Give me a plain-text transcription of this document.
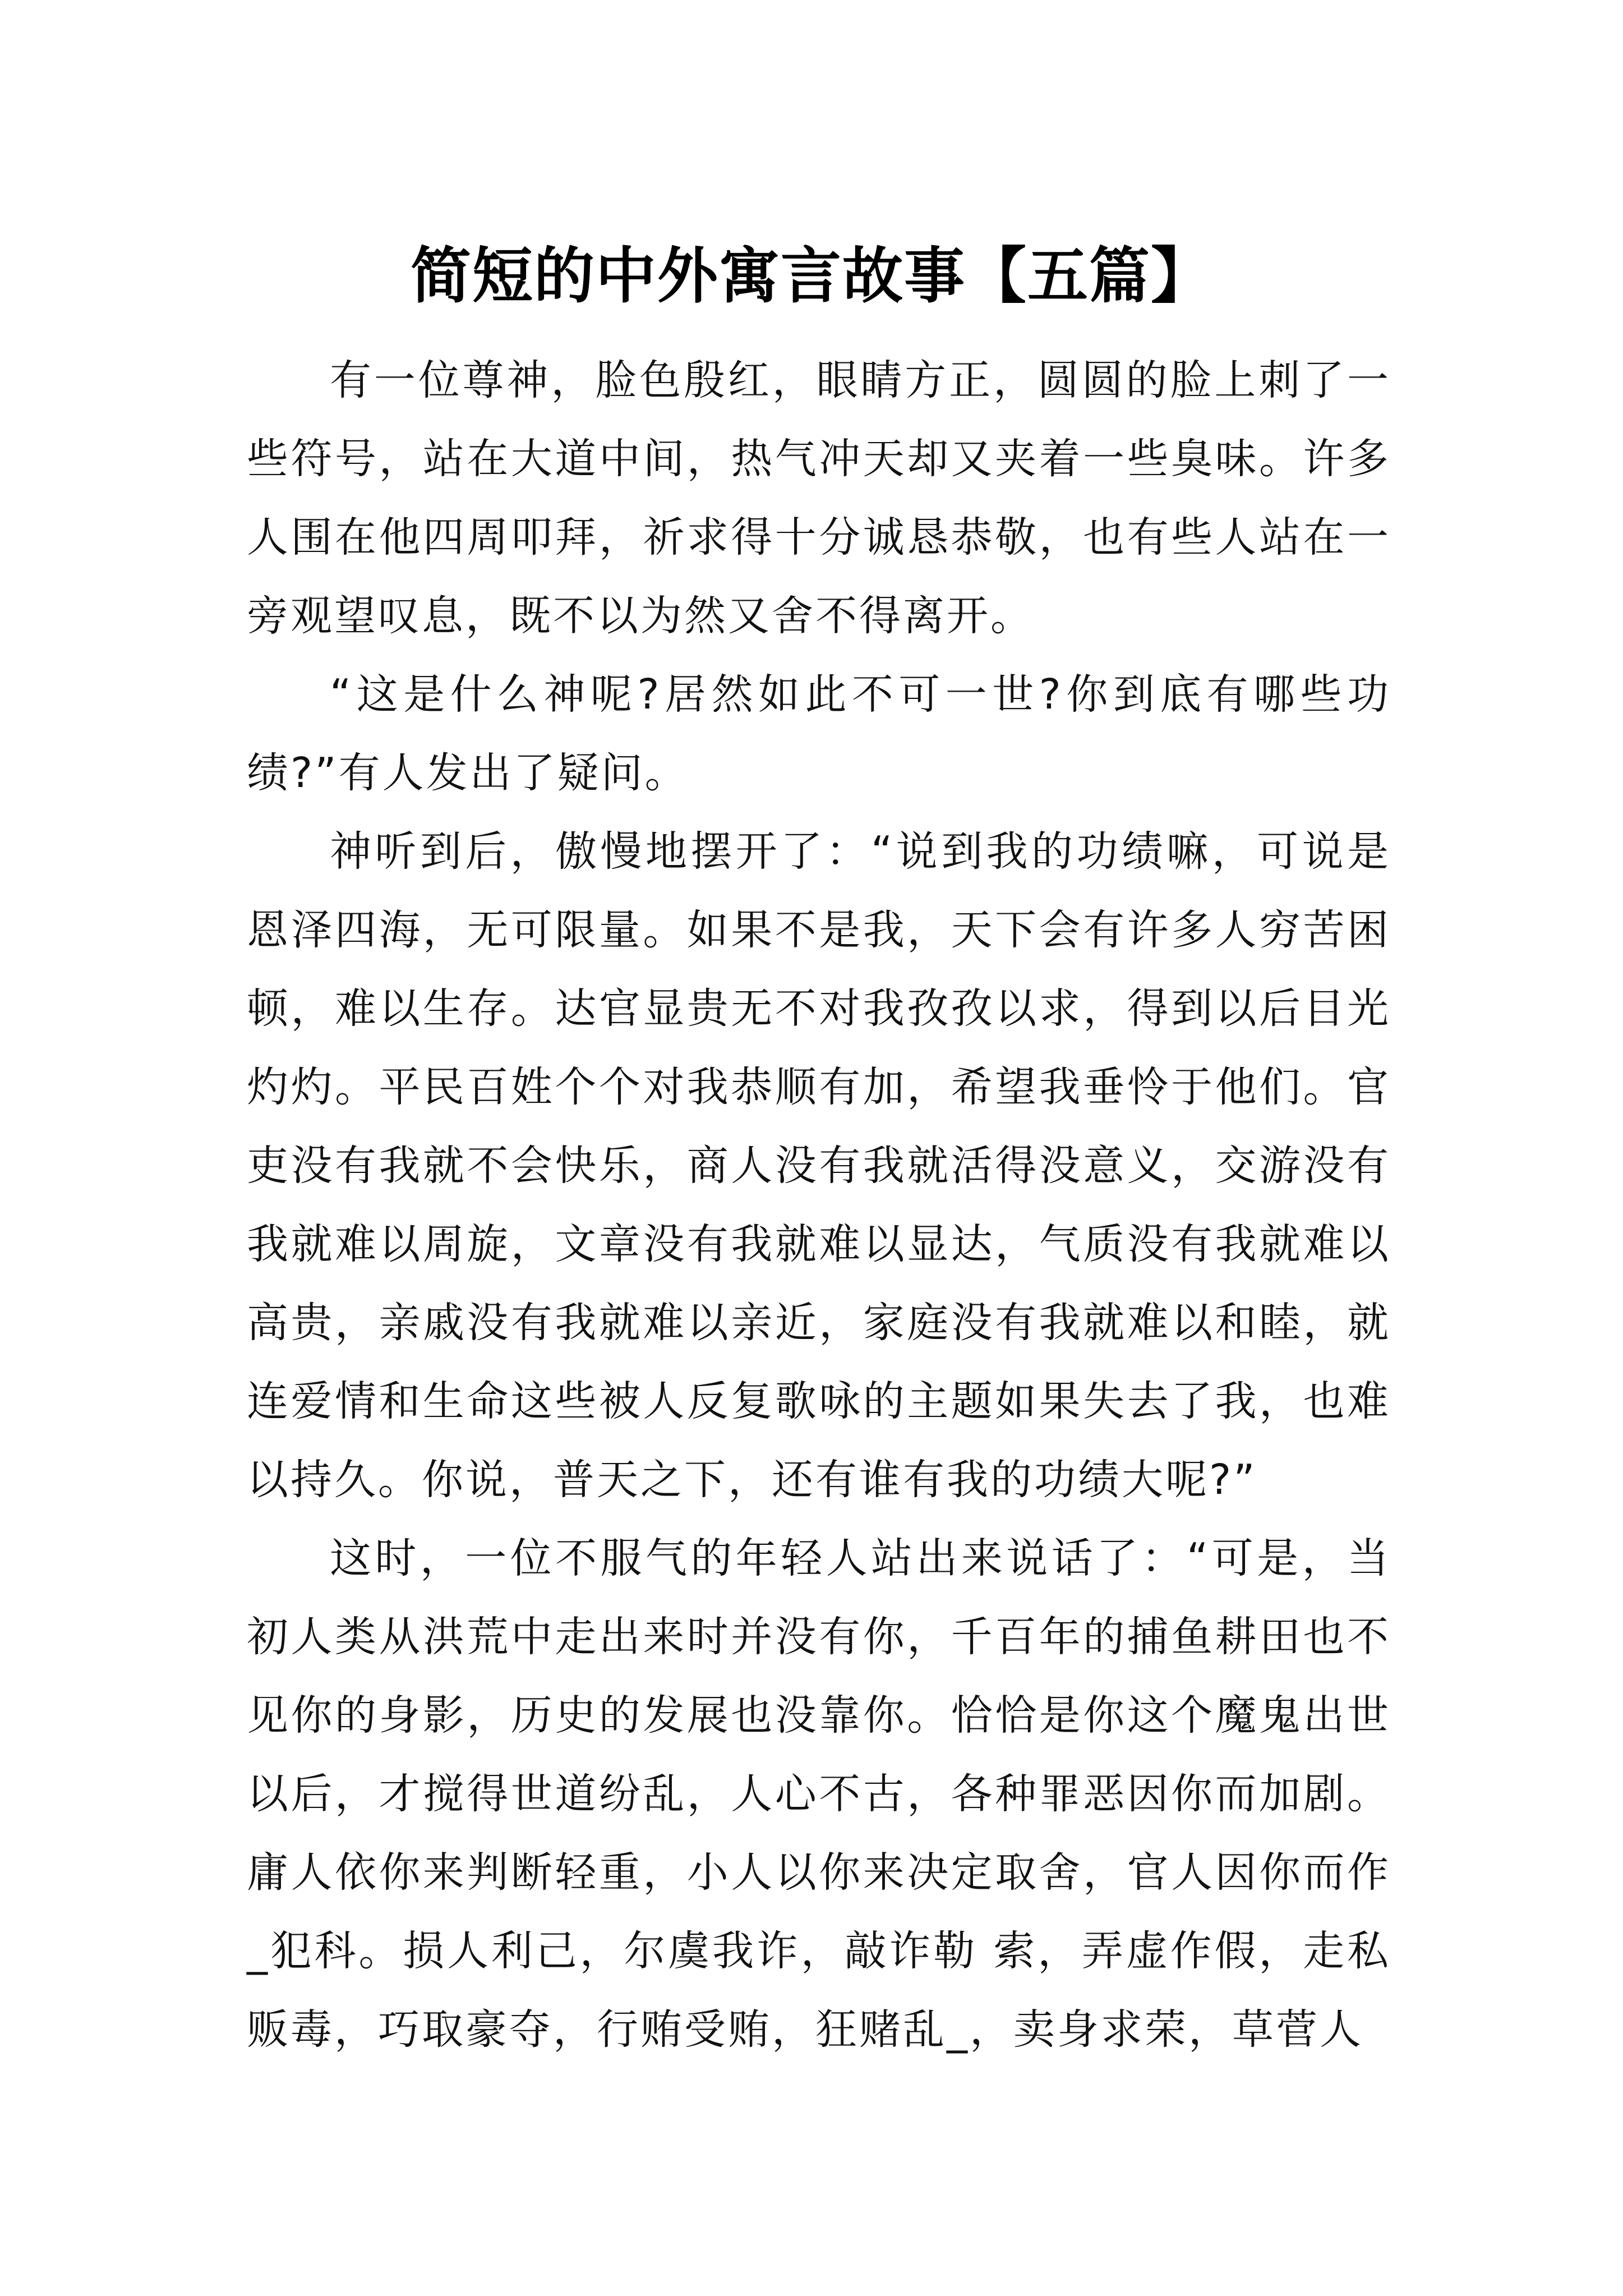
简短的中外寓言故事【五篇】

有一位尊神，脸色殷红，眼睛方正，圆圆的脸上刺了一些符号，站在大道中间，热气冲天却又夹着一些臭味。许多人围在他四周叩拜，祈求得十分诚恳恭敬，也有些人站在一旁观望叹息，既不以为然又舍不得离开。

“这是什么神呢?居然如此不可一世?你到底有哪些功绩?”有人发出了疑问。

神听到后，傲慢地摆开了：“说到我的功绩嘛，可说是恩泽四海，无可限量。如果不是我，天下会有许多人穷苦困顿，难以生存。达官显贵无不对我孜孜以求，得到以后目光灼灼。平民百姓个个对我恭顺有加，希望我垂怜于他们。官吏没有我就不会快乐，商人没有我就活得没意义，交游没有我就难以周旋，文章没有我就难以显达，气质没有我就难以高贵，亲戚没有我就难以亲近，家庭没有我就难以和睦，就连爱情和生命这些被人反复歌咏的主题如果失去了我，也难以持久。你说，普天之下，还有谁有我的功绩大呢?”

这时，一位不服气的年轻人站出来说话了：“可是，当初人类从洪荒中走出来时并没有你，千百年的捕鱼耕田也不见你的身影，历史的发展也没靠你。恰恰是你这个魔鬼出世以后，才搅得世道纷乱，人心不古，各种罪恶因你而加剧。庸人依你来判断轻重，小人以你来决定取舍，官人因你而作_犯科。损人利己，尔虞我诈，敲诈勒 索，弄虚作假，走私贩毒，巧取豪夺，行贿受贿，狂赌乱_，卖身求荣，草菅人
